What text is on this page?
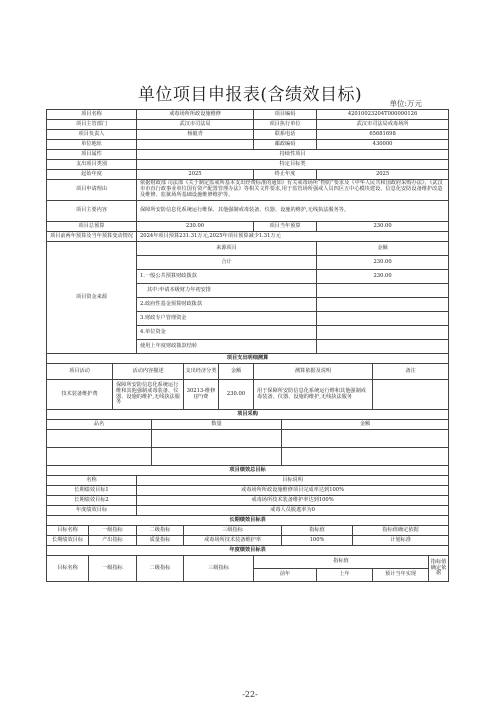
单位项目申报表(含绩效目标)	单位:万元
项目名称			戒毒场所所政设施维修				项目编码		42010023204T000000126			
项目主管部门			武汉市司法局				项目执行单位		武汉市司法局戒毒场所			
项目负责人			杨毅青				联系电话		65681698			
单位地址							邮政编码		430000			
项目属性			持续性项目									
支出项目类别			特定目标类									
起始年度			2025				终止年度		2025			
项目申请理由			依据财政部 司法部《关于制定监戒所基本支出经费标准的通知》有关戒毒场所“物防”要求及《中华人民共和国政府采购办法》、《武汉市市直行政事业单位国有资产配置管理办法》等相关文件要求,用于监管场所强戒人员四区五中心模块建设、信息化安防设备维护改造及维修、监狱场所基础设施维修维护等。									
项目主要内容			保障所安防信息化系统运行维保、其他强制戒毒装备、仪器、设施的维护,无线执法服务等。									
项目总预算			230.00				项目当年预算		230.00			
项目前两年预算及当年预算变动情况			2024年项目预算231.31万元,2025年项目预算减少1.31万元									
项目资金来源			来源项目						金额			
			合计						230.00			
			1.一般公共预算财政拨款						230.00			
			其中:申请本级财力年初安排									
			2.政府性基金预算财政拨款									
			3.财政专户管理资金									
			4.单位资金									
			使用上年度财政拨款结转									
项目支出明细测算												
项目活动		活动内容描述			支出经济分类	金额	测算依据及说明				备注	
技术装备维护费		保障所安防信息化系统运行维和其他强制戒毒装备、仪器、设施的维护,无线执法服务			30213-维修(护)费	230.00	用于保障所安防信息化系统运行维和其他强制戒毒装备、仪器、设施的维护,无线执法服务					
项目采购												
品名				数量				金额				

项目绩效总目标												
名称			目标说明									
长期绩效目标1			戒毒场所所政设施维修项目完成率达到100%									
长期绩效目标2			戒毒场所技术装备维护率达到100%									
年度绩效目标			戒毒人员脱逃率为0									
长期绩效目标表												
目标名称	一级指标		二级指标		三级指标			指标值		指标值确定依据		
长期绩效目标	产出指标		质量指标		戒毒场所技术装备维护率			100%		计划标准		
年度绩效目标表												
目标名称	一级指标		二级指标		三级指标		指标值					指标值确定依据
							前年		上年		预计当年实现	
-22-
